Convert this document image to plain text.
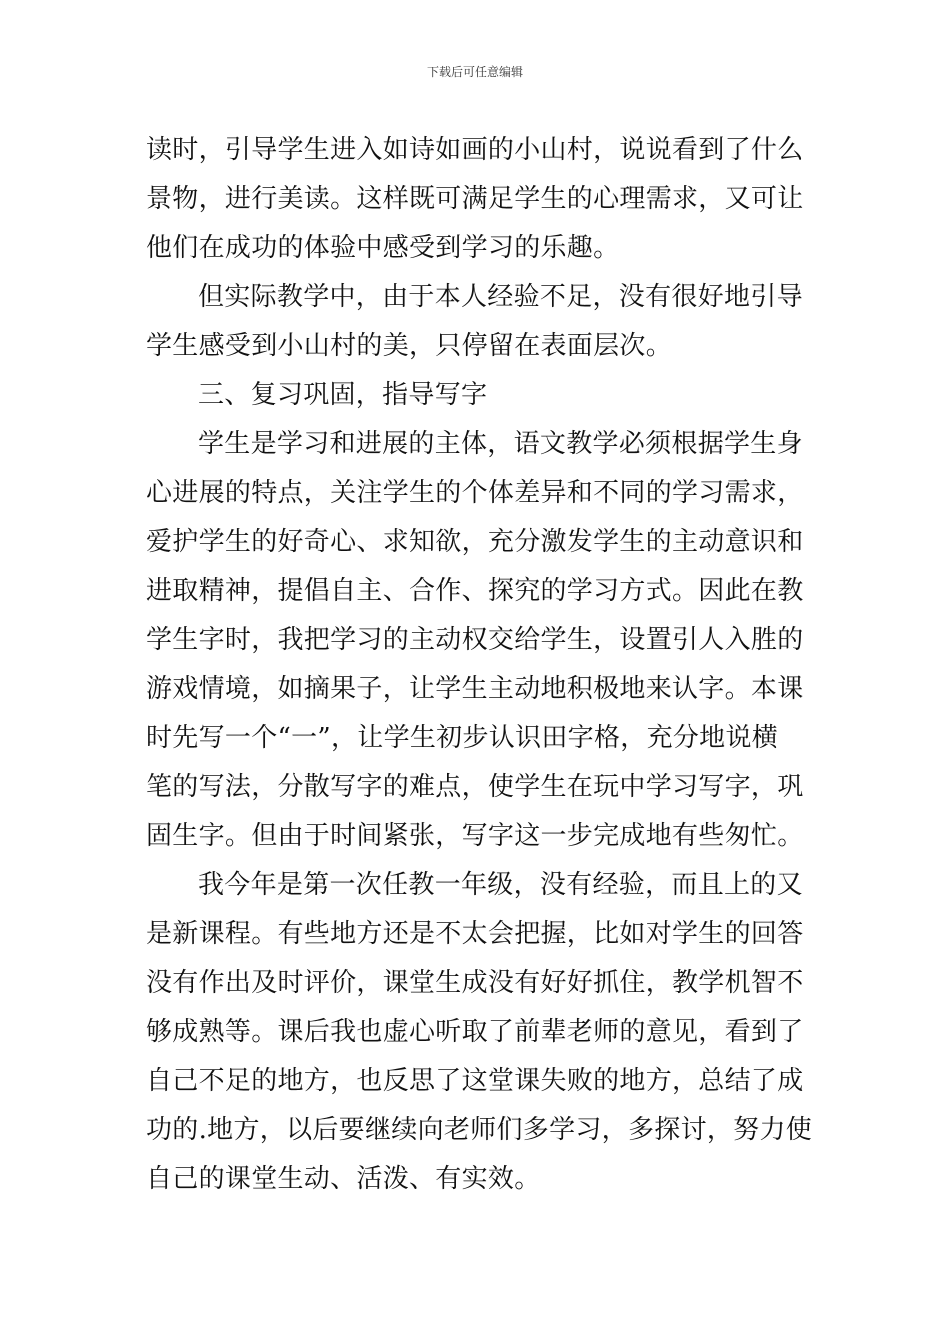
下载后可任意编辑
读时，引导学生进入如诗如画的小山村，说说看到了什么
景物，进行美读。这样既可满足学生的心理需求，又可让
他们在成功的体验中感受到学习的乐趣。
但实际教学中，由于本人经验不足，没有很好地引导
学生感受到小山村的美，只停留在表面层次。
三、复习巩固，指导写字
学生是学习和进展的主体，语文教学必须根据学生身
心进展的特点，关注学生的个体差异和不同的学习需求，
爱护学生的好奇心、求知欲，充分激发学生的主动意识和
进取精神，提倡自主、合作、探究的学习方式。因此在教
学生字时，我把学习的主动权交给学生，设置引人入胜的
游戏情境，如摘果子，让学生主动地积极地来认字。本课
时先写一个“一”，让学生初步认识田字格，充分地说横
笔的写法，分散写字的难点，使学生在玩中学习写字，巩
固生字。但由于时间紧张，写字这一步完成地有些匆忙。
我今年是第一次任教一年级，没有经验，而且上的又
是新课程。有些地方还是不太会把握，比如对学生的回答
没有作出及时评价，课堂生成没有好好抓住，教学机智不
够成熟等。课后我也虚心听取了前辈老师的意见，看到了
自己不足的地方，也反思了这堂课失败的地方，总结了成
功的.地方，以后要继续向老师们多学习，多探讨，努力使
自己的课堂生动、活泼、有实效。
